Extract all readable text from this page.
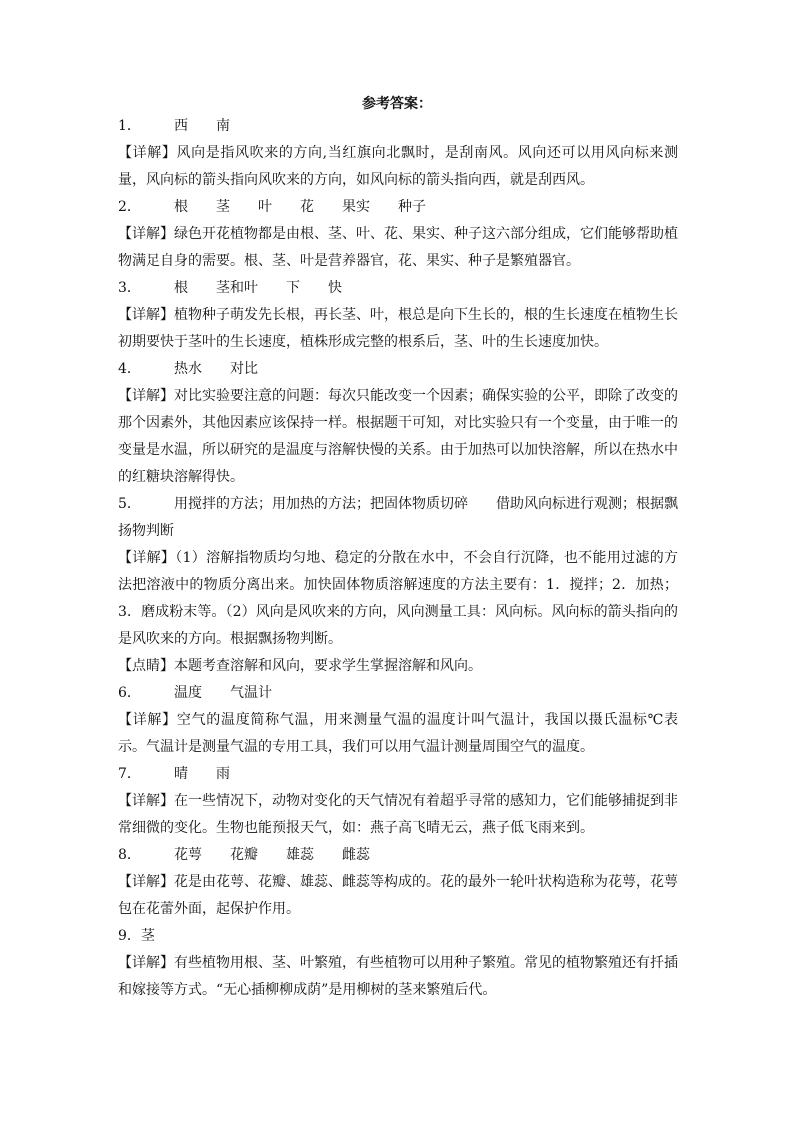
参考答案：
1． 西 南
【详解】风向是指风吹来的方向,当红旗向北飘时，是刮南风。风向还可以用风向标来测量，风向标的箭头指向风吹来的方向，如风向标的箭头指向西，就是刮西风。
2． 根 茎 叶 花 果实 种子
【详解】绿色开花植物都是由根、茎、叶、花、果实、种子这六部分组成，它们能够帮助植物满足自身的需要。根、茎、叶是营养器官，花、果实、种子是繁殖器官。
3． 根 茎和叶 下 快
【详解】植物种子萌发先长根，再长茎、叶，根总是向下生长的，根的生长速度在植物生长初期要快于茎叶的生长速度，植株形成完整的根系后，茎、叶的生长速度加快。
4． 热水 对比
【详解】对比实验要注意的问题：每次只能改变一个因素；确保实验的公平，即除了改变的那个因素外，其他因素应该保持一样。根据题干可知，对比实验只有一个变量，由于唯一的变量是水温，所以研究的是温度与溶解快慢的关系。由于加热可以加快溶解，所以在热水中的红糖块溶解得快。
5． 用搅拌的方法；用加热的方法；把固体物质切碎 借助风向标进行观测；根据飘扬物判断
【详解】（1）溶解指物质均匀地、稳定的分散在水中，不会自行沉降，也不能用过滤的方法把溶液中的物质分离出来。加快固体物质溶解速度的方法主要有：1．搅拌；2．加热；3．磨成粉末等。（2）风向是风吹来的方向，风向测量工具：风向标。风向标的箭头指向的是风吹来的方向。根据飘扬物判断。
【点睛】本题考查溶解和风向，要求学生掌握溶解和风向。
6． 温度 气温计
【详解】空气的温度简称气温，用来测量气温的温度计叫气温计，我国以摄氏温标℃表示。气温计是测量气温的专用工具，我们可以用气温计测量周围空气的温度。
7． 晴 雨
【详解】在一些情况下，动物对变化的天气情况有着超乎寻常的感知力，它们能够捕捉到非常细微的变化。生物也能预报天气，如：燕子高飞晴无云，燕子低飞雨来到。
8． 花萼 花瓣 雄蕊 雌蕊
【详解】花是由花萼、花瓣、雄蕊、雌蕊等构成的。花的最外一轮叶状构造称为花萼，花萼包在花蕾外面，起保护作用。
9．茎
【详解】有些植物用根、茎、叶繁殖，有些植物可以用种子繁殖。常见的植物繁殖还有扦插和嫁接等方式。“无心插柳柳成荫”是用柳树的茎来繁殖后代。
